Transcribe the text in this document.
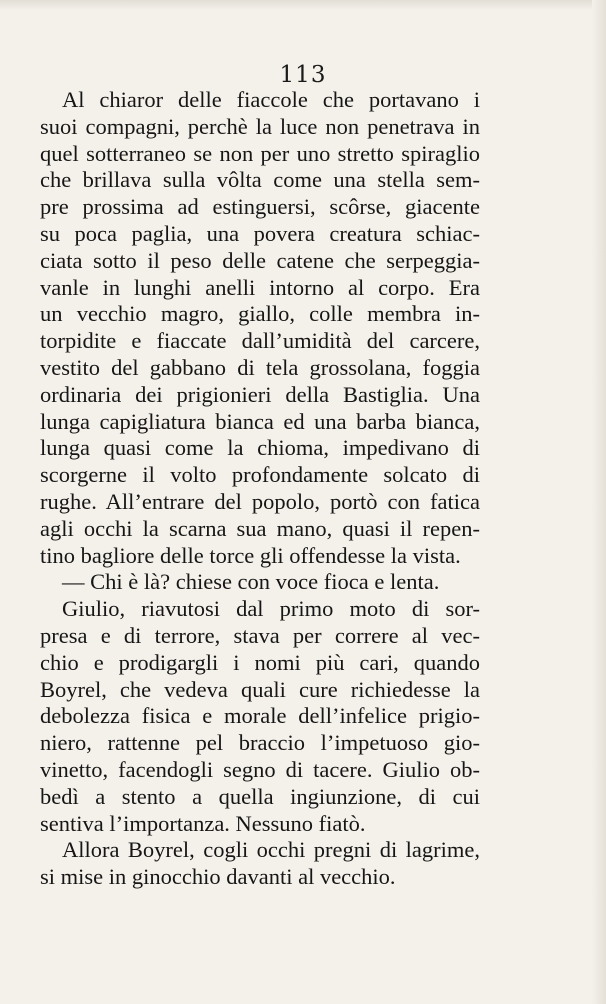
113
Al chiaror delle fiaccole che portavano i
suoi compagni, perchè la luce non penetrava in
quel sotterraneo se non per uno stretto spiraglio
che brillava sulla vôlta come una stella sem-
pre prossima ad estinguersi, scôrse, giacente
su poca paglia, una povera creatura schiac-
ciata sotto il peso delle catene che serpeggia-
vanle in lunghi anelli intorno al corpo. Era
un vecchio magro, giallo, colle membra in-
torpidite e fiaccate dall’umidità del carcere,
vestito del gabbano di tela grossolana, foggia
ordinaria dei prigionieri della Bastiglia. Una
lunga capigliatura bianca ed una barba bianca,
lunga quasi come la chioma, impedivano di
scorgerne il volto profondamente solcato di
rughe. All’entrare del popolo, portò con fatica
agli occhi la scarna sua mano, quasi il repen-
tino bagliore delle torce gli offendesse la vista.
— Chi è là? chiese con voce fioca e lenta.
Giulio, riavutosi dal primo moto di sor-
presa e di terrore, stava per correre al vec-
chio e prodigargli i nomi più cari, quando
Boyrel, che vedeva quali cure richiedesse la
debolezza fisica e morale dell’infelice prigio-
niero, rattenne pel braccio l’impetuoso gio-
vinetto, facendogli segno di tacere. Giulio ob-
bedì a stento a quella ingiunzione, di cui
sentiva l’importanza. Nessuno fiatò.
Allora Boyrel, cogli occhi pregni di lagrime,
si mise in ginocchio davanti al vecchio.
